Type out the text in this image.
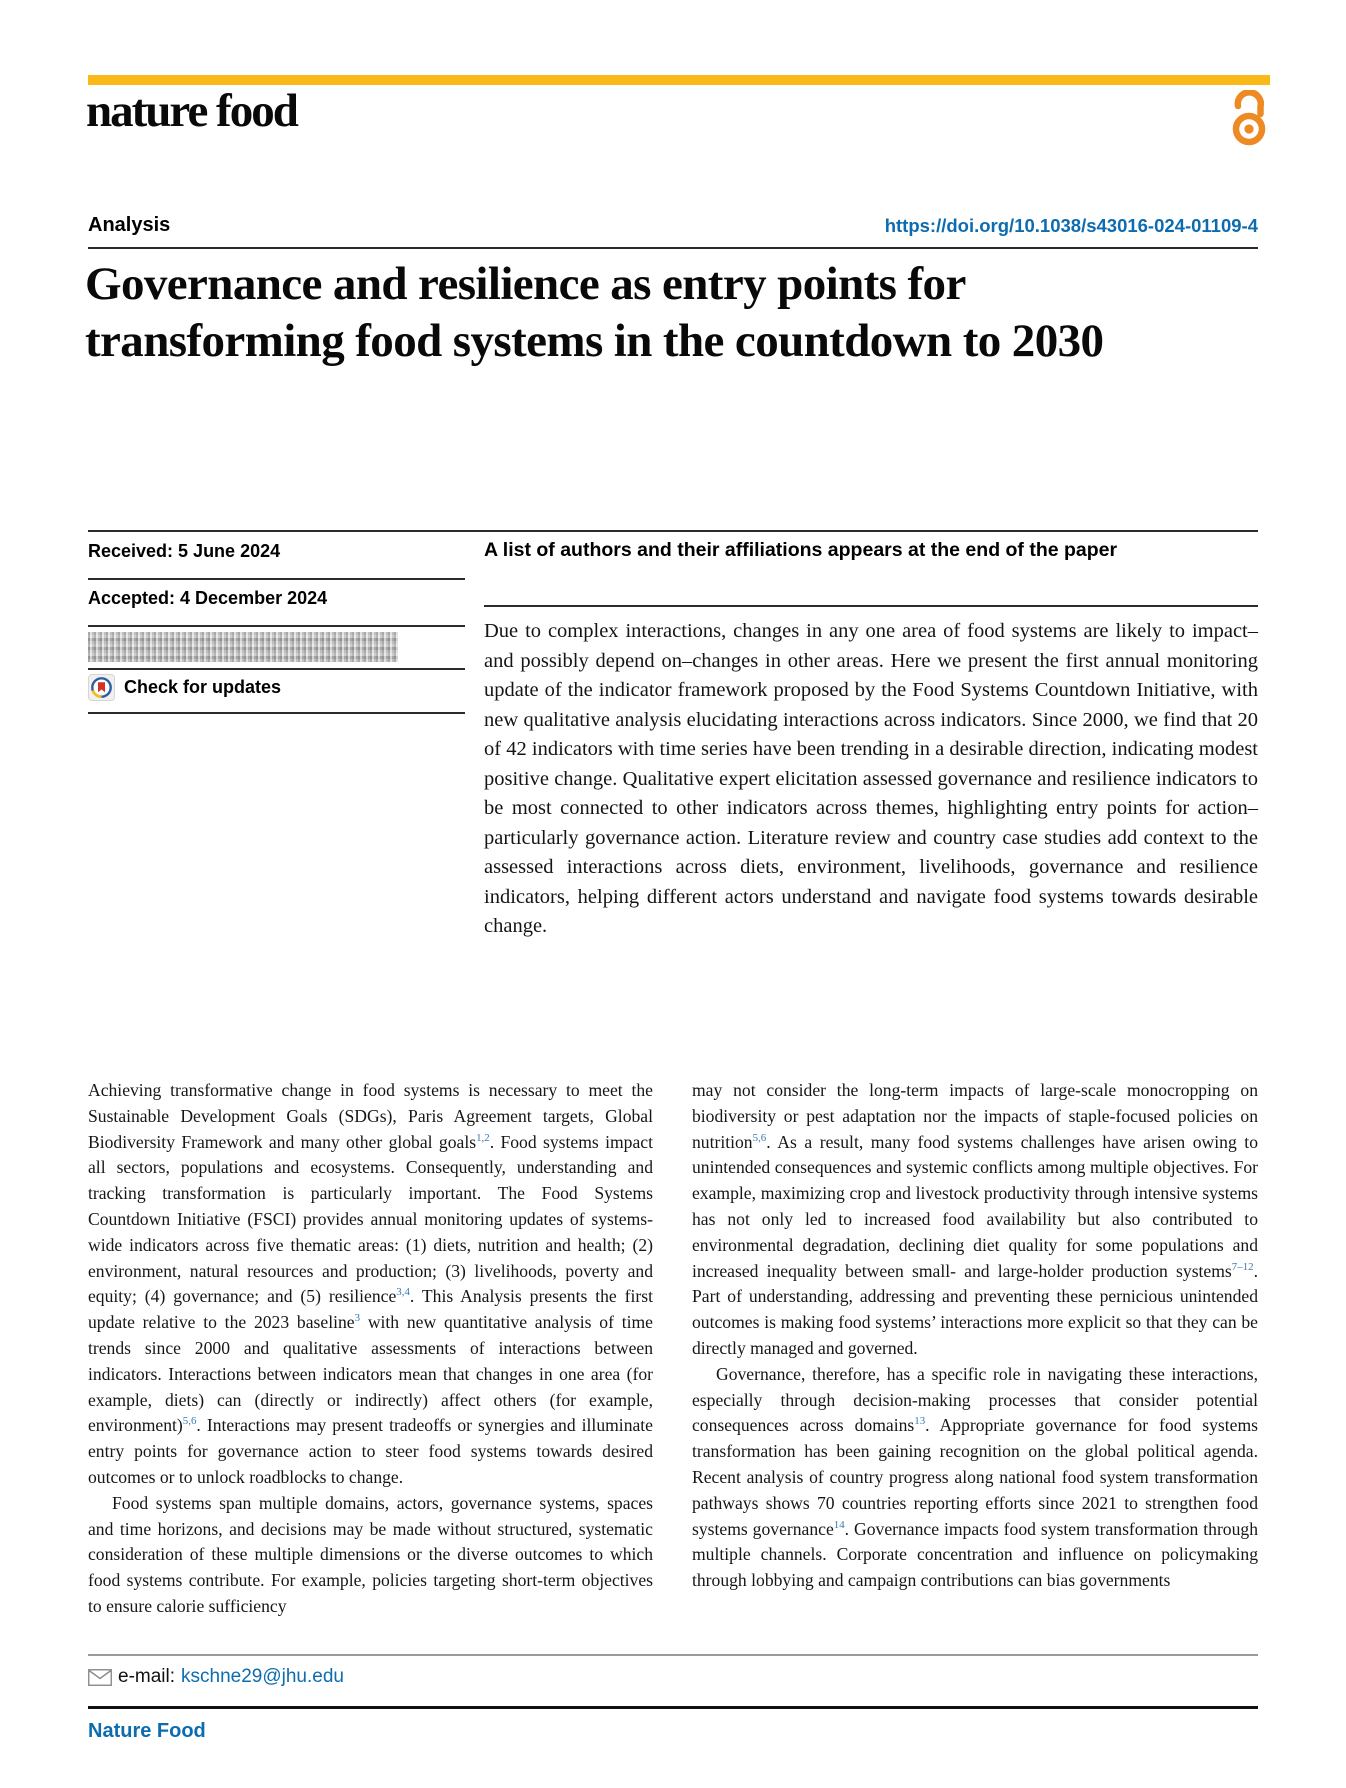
nature food
Analysis	https://doi.org/10.1038/s43016-024-01109-4
Governance and resilience as entry points for transforming food systems in the countdown to 2030
Received: 5 June 2024
Accepted: 4 December 2024
Check for updates
A list of authors and their affiliations appears at the end of the paper

Due to complex interactions, changes in any one area of food systems are likely to impact–and possibly depend on–changes in other areas. Here we present the first annual monitoring update of the indicator framework proposed by the Food Systems Countdown Initiative, with new qualitative analysis elucidating interactions across indicators. Since 2000, we find that 20 of 42 indicators with time series have been trending in a desirable direction, indicating modest positive change. Qualitative expert elicitation assessed governance and resilience indicators to be most connected to other indicators across themes, highlighting entry points for action–particularly governance action. Literature review and country case studies add context to the assessed interactions across diets, environment, livelihoods, governance and resilience indicators, helping different actors understand and navigate food systems towards desirable change.

Achieving transformative change in food systems is necessary to meet the Sustainable Development Goals (SDGs), Paris Agreement targets, Global Biodiversity Framework and many other global goals$^{1,2}$. Food systems impact all sectors, populations and ecosystems. Consequently, understanding and tracking transformation is particularly important. The Food Systems Countdown Initiative (FSCI) provides annual monitoring updates of systems-wide indicators across five thematic areas: (1) diets, nutrition and health; (2) environment, natural resources and production; (3) livelihoods, poverty and equity; (4) governance; and (5) resilience$^{3,4}$. This Analysis presents the first update relative to the 2023 baseline$^3$ with new quantitative analysis of time trends since 2000 and qualitative assessments of interactions between indicators. Interactions between indicators mean that changes in one area (for example, diets) can (directly or indirectly) affect others (for example, environment)$^{5,6}$. Interactions may present tradeoffs or synergies and illuminate entry points for governance action to steer food systems towards desired outcomes or to unlock roadblocks to change.

Food systems span multiple domains, actors, governance systems, spaces and time horizons, and decisions may be made without structured, systematic consideration of these multiple dimensions or the diverse outcomes to which food systems contribute. For example, policies targeting short-term objectives to ensure calorie sufficiency

may not consider the long-term impacts of large-scale monocropping on biodiversity or pest adaptation nor the impacts of staple-focused policies on nutrition$^{5,6}$. As a result, many food systems challenges have arisen owing to unintended consequences and systemic conflicts among multiple objectives. For example, maximizing crop and livestock productivity through intensive systems has not only led to increased food availability but also contributed to environmental degradation, declining diet quality for some populations and increased inequality between small- and large-holder production systems$^{7-12}$. Part of understanding, addressing and preventing these pernicious unintended outcomes is making food systems’ interactions more explicit so that they can be directly managed and governed.

Governance, therefore, has a specific role in navigating these interactions, especially through decision-making processes that consider potential consequences across domains$^{13}$. Appropriate governance for food systems transformation has been gaining recognition on the global political agenda. Recent analysis of country progress along national food system transformation pathways shows 70 countries reporting efforts since 2021 to strengthen food systems governance$^{14}$. Governance impacts food system transformation through multiple channels. Corporate concentration and influence on policymaking through lobbying and campaign contributions can bias governments

e-mail: kschne29@jhu.edu
Nature Food
